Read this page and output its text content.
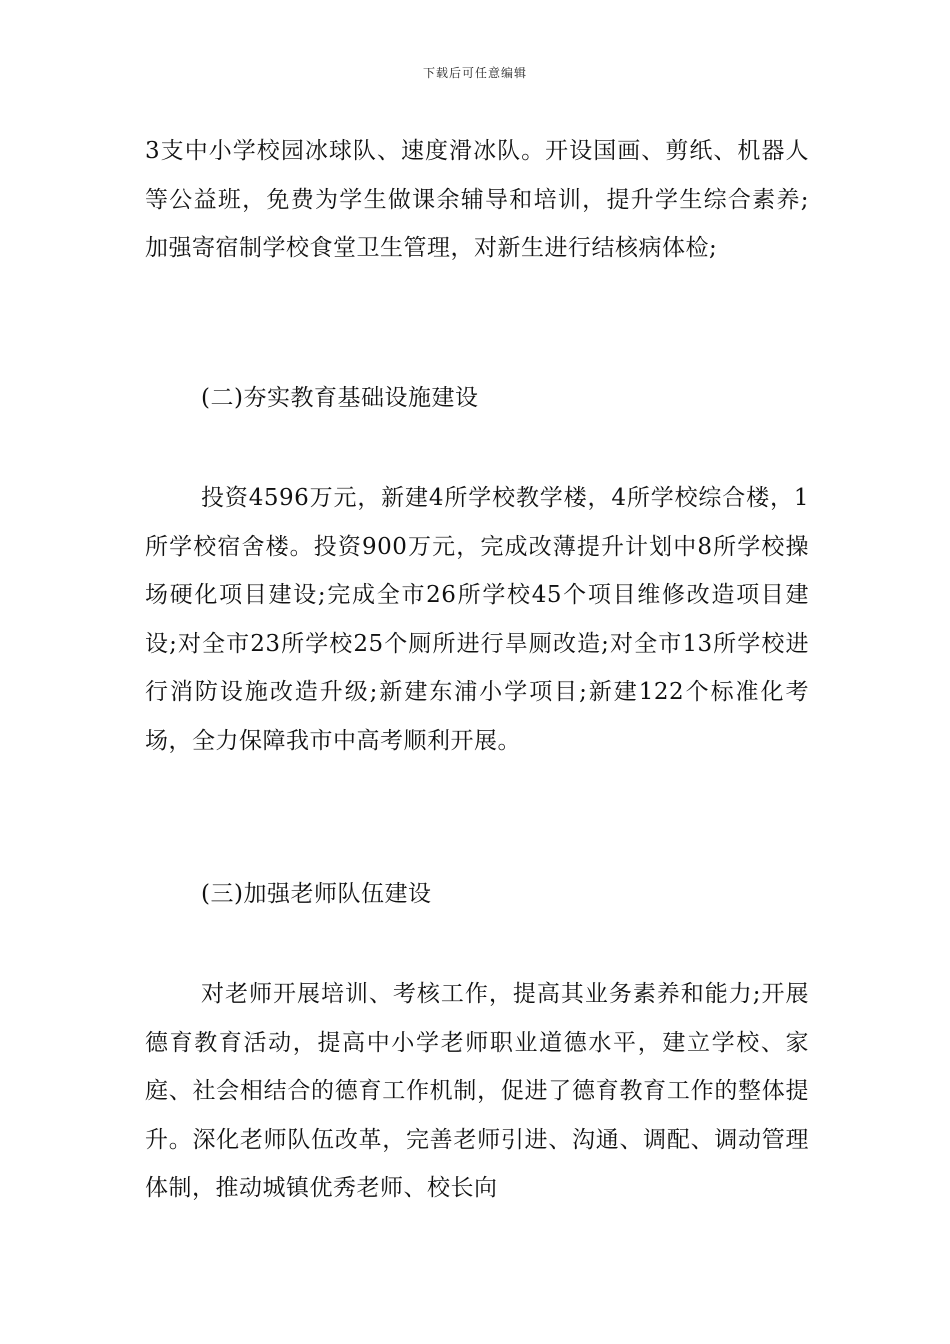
下载后可任意编辑

3支中小学校园冰球队、速度滑冰队。开设国画、剪纸、机器人等公益班，免费为学生做课余辅导和培训，提升学生综合素养;加强寄宿制学校食堂卫生管理，对新生进行结核病体检;

(二)夯实教育基础设施建设

投资4596万元，新建4所学校教学楼，4所学校综合楼，1所学校宿舍楼。投资900万元，完成改薄提升计划中8所学校操场硬化项目建设;完成全市26所学校45个项目维修改造项目建设;对全市23所学校25个厕所进行旱厕改造;对全市13所学校进行消防设施改造升级;新建东浦小学项目;新建122个标准化考场，全力保障我市中高考顺利开展。

(三)加强老师队伍建设

对老师开展培训、考核工作，提高其业务素养和能力;开展德育教育活动，提高中小学老师职业道德水平，建立学校、家庭、社会相结合的德育工作机制，促进了德育教育工作的整体提升。深化老师队伍改革，完善老师引进、沟通、调配、调动管理体制，推动城镇优秀老师、校长向
